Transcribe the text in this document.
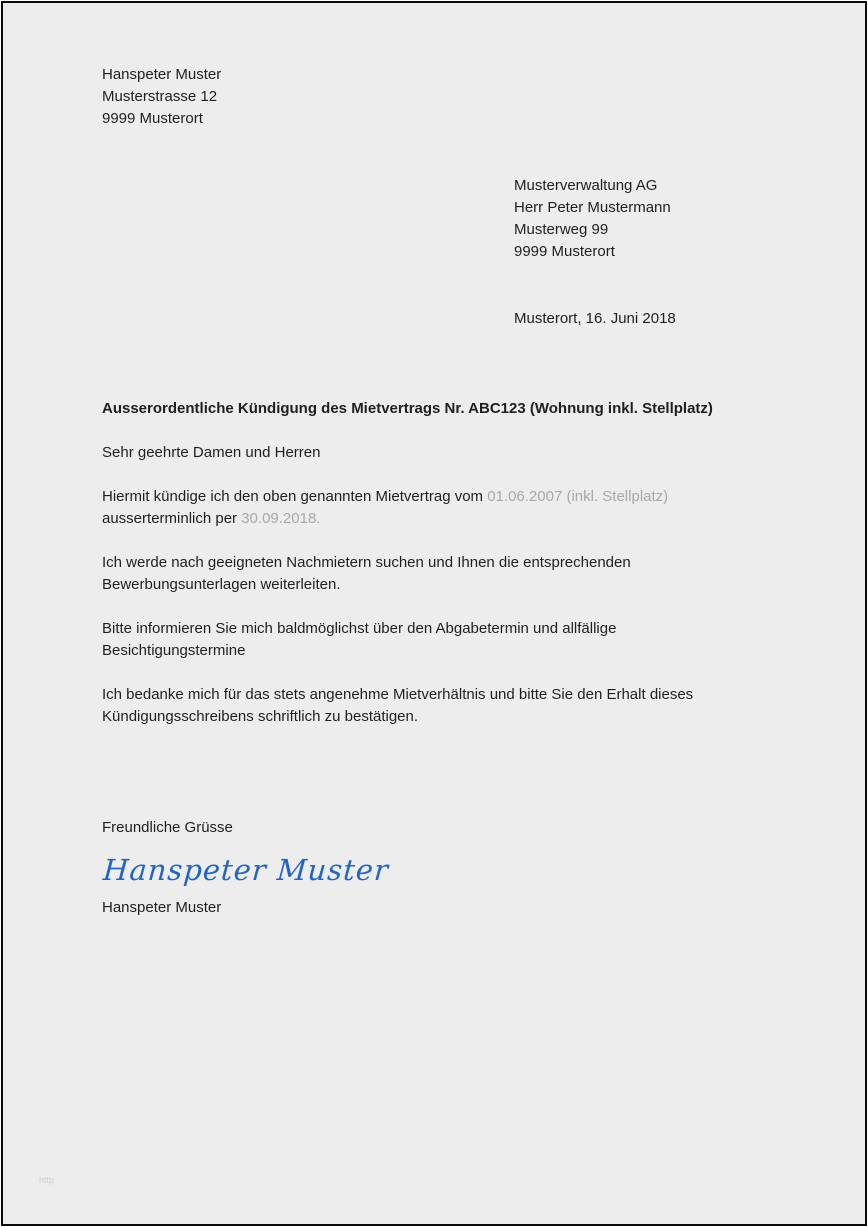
Hanspeter Muster
Musterstrasse 12
9999 Musterort
Musterverwaltung AG
Herr Peter Mustermann
Musterweg 99
9999 Musterort
Musterort, 16. Juni 2018
Ausserordentliche Kündigung des Mietvertrags Nr. ABC123 (Wohnung inkl. Stellplatz)
Sehr geehrte Damen und Herren
Hiermit kündige ich den oben genannten Mietvertrag vom 01.06.2007 (inkl. Stellplatz)
ausserterminlich per 30.09.2018.
Ich werde nach geeigneten Nachmietern suchen und Ihnen die entsprechenden
Bewerbungsunterlagen weiterleiten.
Bitte informieren Sie mich baldmöglichst über den Abgabetermin und allfällige
Besichtigungstermine
Ich bedanke mich für das stets angenehme Mietverhältnis und bitte Sie den Erhalt dieses
Kündigungsschreibens schriftlich zu bestätigen.
Freundliche Grüsse
Hanspeter Muster
Hanspeter Muster
http
